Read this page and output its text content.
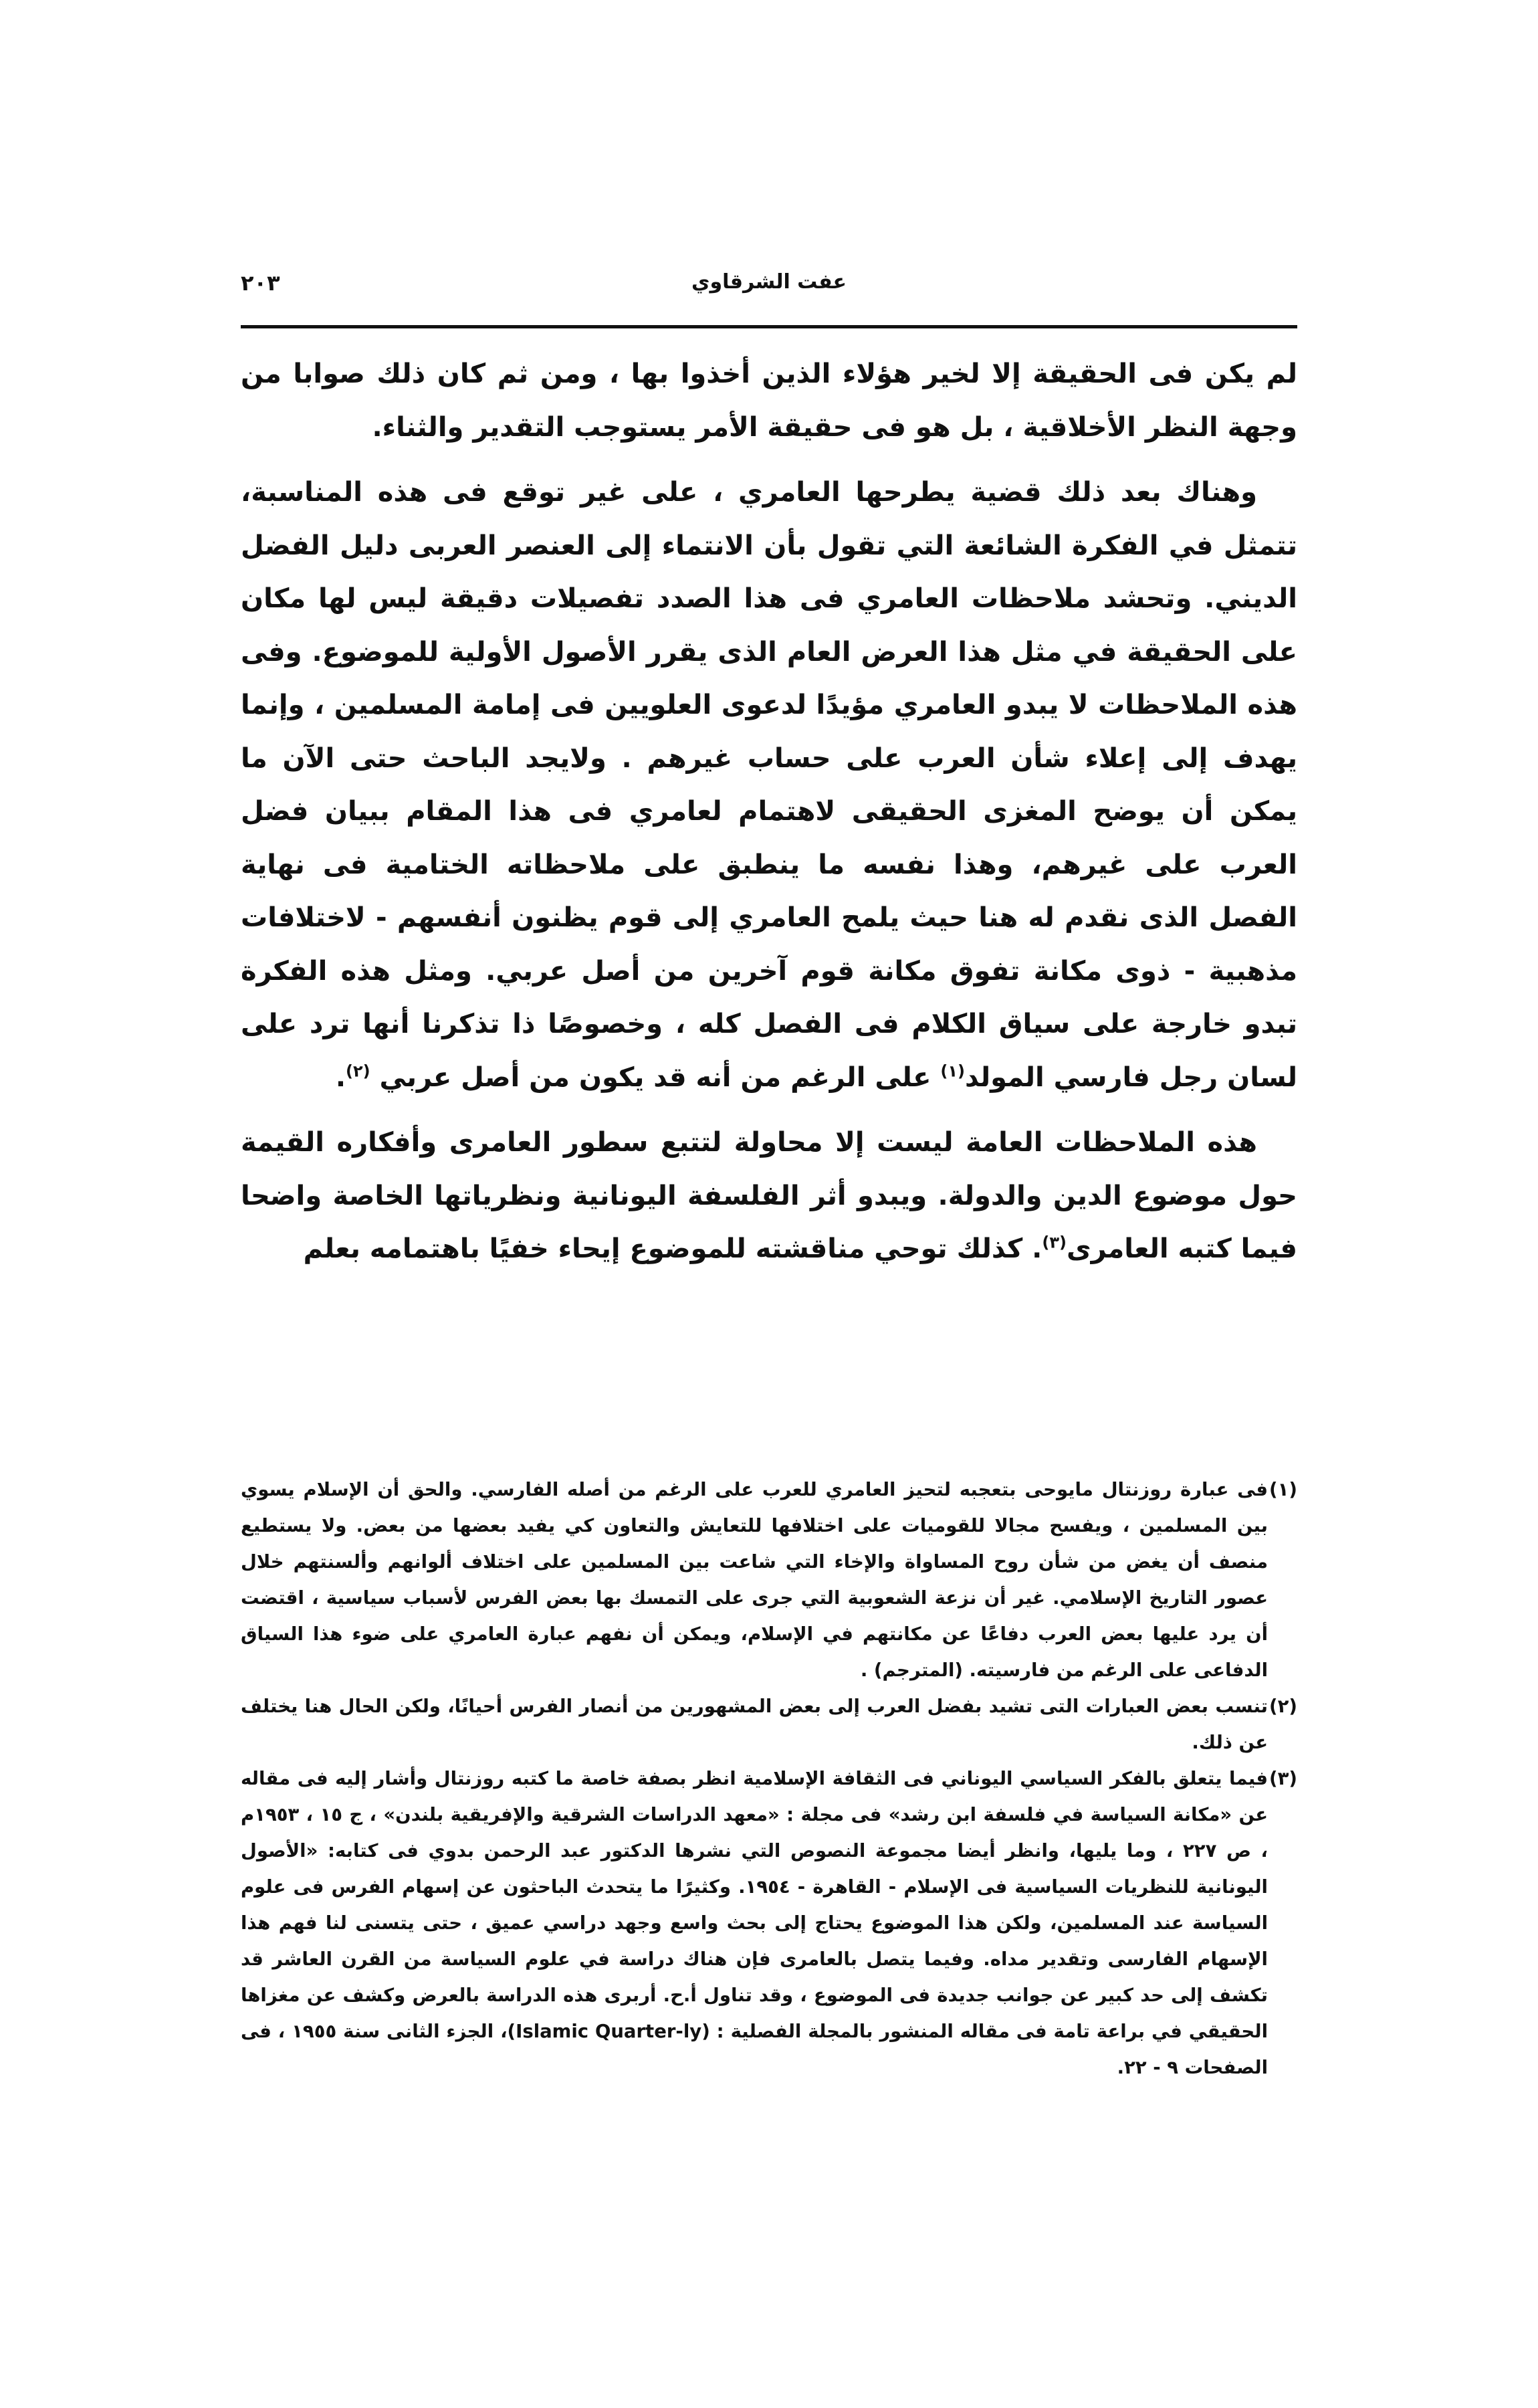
عفت الشرقاوي
٢٠٣

لم يكن فى الحقيقة إلا لخير هؤلاء الذين أخذوا بها ، ومن ثم كان ذلك صوابا من وجهة النظر الأخلاقية ، بل هو فى حقيقة الأمر يستوجب التقدير والثناء.

وهناك بعد ذلك قضية يطرحها العامري ، على غير توقع فى هذه المناسبة، تتمثل في الفكرة الشائعة التي تقول بأن الانتماء إلى العنصر العربى دليل الفضل الديني. وتحشد ملاحظات العامري فى هذا الصدد تفصيلات دقيقة ليس لها مكان على الحقيقة في مثل هذا العرض العام الذى يقرر الأصول الأولية للموضوع. وفى هذه الملاحظات لا يبدو العامري مؤيدًا لدعوى العلويين فى إمامة المسلمين ، وإنما يهدف إلى إعلاء شأن العرب على حساب غيرهم . ولايجد الباحث حتى الآن ما يمكن أن يوضح المغزى الحقيقى لاهتمام لعامري فى هذا المقام ببيان فضل العرب على غيرهم، وهذا نفسه ما ينطبق على ملاحظاته الختامية فى نهاية الفصل الذى نقدم له هنا حيث يلمح العامري إلى قوم يظنون أنفسهم - لاختلافات مذهبية - ذوى مكانة تفوق مكانة قوم آخرين من أصل عربي. ومثل هذه الفكرة تبدو خارجة على سياق الكلام فى الفصل كله ، وخصوصًا ذا تذكرنا أنها ترد على لسان رجل فارسي المولد$^{(١)}$ على الرغم من أنه قد يكون من أصل عربي $^{(٢)}$.

هذه الملاحظات العامة ليست إلا محاولة لتتبع سطور العامرى وأفكاره القيمة حول موضوع الدين والدولة. ويبدو أثر الفلسفة اليونانية ونظرياتها الخاصة واضحا فيما كتبه العامرى$^{(٣)}$. كذلك توحي مناقشته للموضوع إيحاء خفيًا باهتمامه بعلم

(١)
فى عبارة روزنتال مايوحى بتعجبه لتحيز العامري للعرب على الرغم من أصله الفارسي. والحق أن الإسلام يسوي بين المسلمين ، ويفسح مجالا للقوميات على اختلافها للتعايش والتعاون كي يفيد بعضها من بعض. ولا يستطيع منصف أن يغض من شأن روح المساواة والإخاء التي شاعت بين المسلمين على اختلاف ألوانهم وألسنتهم خلال عصور التاريخ الإسلامي. غير أن نزعة الشعوبية التي جرى على التمسك بها بعض الفرس لأسباب سياسية ، اقتضت أن يرد عليها بعض العرب دفاعًا عن مكانتهم في الإسلام، ويمكن أن نفهم عبارة العامري على ضوء هذا السياق الدفاعى على الرغم من فارسيته. (المترجم) .
(٢)
تنسب بعض العبارات التى تشيد بفضل العرب إلى بعض المشهورين من أنصار الفرس أحيانًا، ولكن الحال هنا يختلف عن ذلك.
(٣)
فيما يتعلق بالفكر السياسي اليوناني فى الثقافة الإسلامية انظر بصفة خاصة ما كتبه روزنتال وأشار إليه فى مقاله عن «مكانة السياسة في فلسفة ابن رشد» فى مجلة : «معهد الدراسات الشرقية والإفريقية بلندن» ، ج ١٥ ، ١٩٥٣م ، ص ٢٢٧ ، وما يليها، وانظر أيضا مجموعة النصوص التي نشرها الدكتور عبد الرحمن بدوي فى كتابه: «الأصول اليونانية للنظريات السياسية فى الإسلام - القاهرة - ١٩٥٤. وكثيرًا ما يتحدث الباحثون عن إسهام الفرس فى علوم السياسة عند المسلمين، ولكن هذا الموضوع يحتاج إلى بحث واسع وجهد دراسي عميق ، حتى يتسنى لنا فهم هذا الإسهام الفارسى وتقدير مداه. وفيما يتصل بالعامرى فإن هناك دراسة في علوم السياسة من القرن العاشر قد تكشف إلى حد كبير عن جوانب جديدة فى الموضوع ، وقد تناول أ.ح. أربرى هذه الدراسة بالعرض وكشف عن مغزاها الحقيقي في براعة تامة فى مقاله المنشور بالمجلة الفصلية : (Islamic Quarter-ly)، الجزء الثانى سنة ١٩٥٥ ، فى الصفحات ٩ - ٢٢.
